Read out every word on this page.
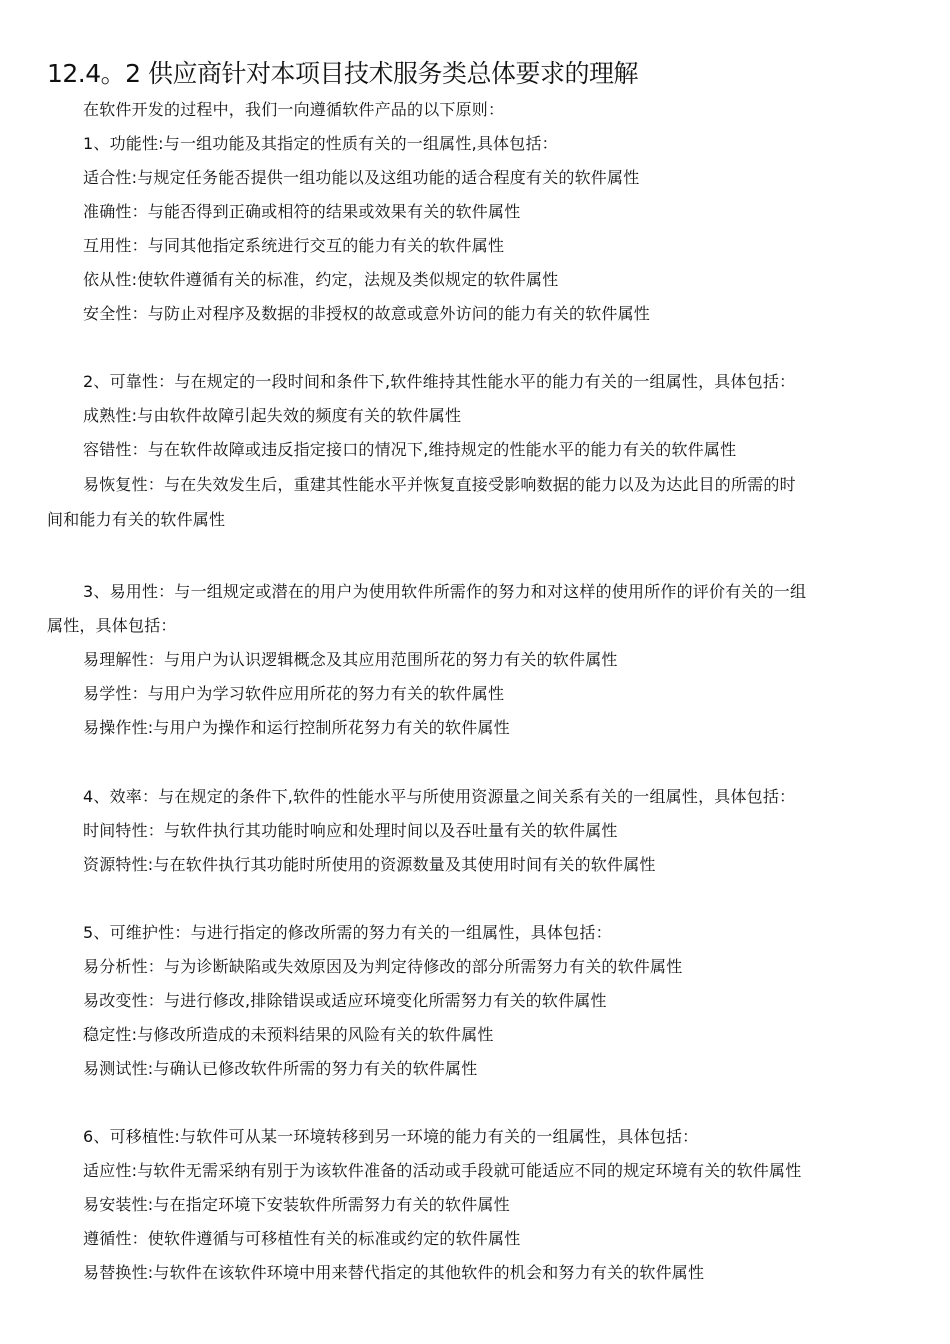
12.4。2 供应商针对本项目技术服务类总体要求的理解
在软件开发的过程中，我们一向遵循软件产品的以下原则：
1、功能性:与一组功能及其指定的性质有关的一组属性,具体包括：
适合性:与规定任务能否提供一组功能以及这组功能的适合程度有关的软件属性
准确性：与能否得到正确或相符的结果或效果有关的软件属性
互用性：与同其他指定系统进行交互的能力有关的软件属性
依从性:使软件遵循有关的标准，约定，法规及类似规定的软件属性
安全性：与防止对程序及数据的非授权的故意或意外访问的能力有关的软件属性
2、可靠性：与在规定的一段时间和条件下,软件维持其性能水平的能力有关的一组属性，具体包括：
成熟性:与由软件故障引起失效的频度有关的软件属性
容错性：与在软件故障或违反指定接口的情况下,维持规定的性能水平的能力有关的软件属性
易恢复性：与在失效发生后，重建其性能水平并恢复直接受影响数据的能力以及为达此目的所需的时
间和能力有关的软件属性
3、易用性：与一组规定或潜在的用户为使用软件所需作的努力和对这样的使用所作的评价有关的一组
属性，具体包括：
易理解性：与用户为认识逻辑概念及其应用范围所花的努力有关的软件属性
易学性：与用户为学习软件应用所花的努力有关的软件属性
易操作性:与用户为操作和运行控制所花努力有关的软件属性
4、效率：与在规定的条件下,软件的性能水平与所使用资源量之间关系有关的一组属性，具体包括：
时间特性：与软件执行其功能时响应和处理时间以及吞吐量有关的软件属性
资源特性:与在软件执行其功能时所使用的资源数量及其使用时间有关的软件属性
5、可维护性：与进行指定的修改所需的努力有关的一组属性，具体包括：
易分析性：与为诊断缺陷或失效原因及为判定待修改的部分所需努力有关的软件属性
易改变性：与进行修改,排除错误或适应环境变化所需努力有关的软件属性
稳定性:与修改所造成的未预料结果的风险有关的软件属性
易测试性:与确认已修改软件所需的努力有关的软件属性
6、可移植性:与软件可从某一环境转移到另一环境的能力有关的一组属性，具体包括：
适应性:与软件无需采纳有别于为该软件准备的活动或手段就可能适应不同的规定环境有关的软件属性
易安装性:与在指定环境下安装软件所需努力有关的软件属性
遵循性：使软件遵循与可移植性有关的标准或约定的软件属性
易替换性:与软件在该软件环境中用来替代指定的其他软件的机会和努力有关的软件属性
